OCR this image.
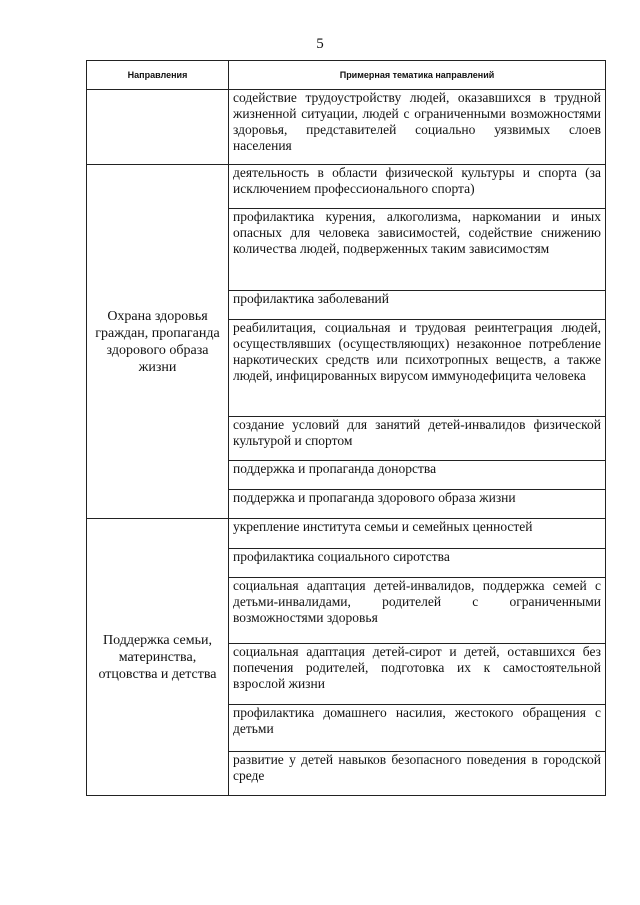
5
Направления	Примерная тематика направлений
	содействие трудоустройству людей, оказавшихся в трудной жизненной ситуации, людей с ограниченными возможностями здоровья, представителей социально уязвимых слоев населения
Охрана здоровья граждан, пропаганда здорового образа жизни	деятельность в области физической культуры и спорта (за исключением профессионального спорта)
	профилактика курения, алкоголизма, наркомании и иных опасных для человека зависимостей, содействие снижению количества людей, подверженных таким зависимостям
	профилактика заболеваний
	реабилитация, социальная и трудовая реинтеграция людей, осуществлявших (осуществляющих) незаконное потребление наркотических средств или психотропных веществ, а также людей, инфицированных вирусом иммунодефицита человека
	создание условий для занятий детей-инвалидов физической культурой и спортом
	поддержка и пропаганда донорства
	поддержка и пропаганда здорового образа жизни
Поддержка семьи, материнства, отцовства и детства	укрепление института семьи и семейных ценностей
	профилактика социального сиротства
	социальная адаптация детей-инвалидов, поддержка семей с детьми-инвалидами, родителей с ограниченными возможностями здоровья
	социальная адаптация детей-сирот и детей, оставшихся без попечения родителей, подготовка их к самостоятельной взрослой жизни
	профилактика домашнего насилия, жестокого обращения с детьми
	развитие у детей навыков безопасного поведения в городской среде
